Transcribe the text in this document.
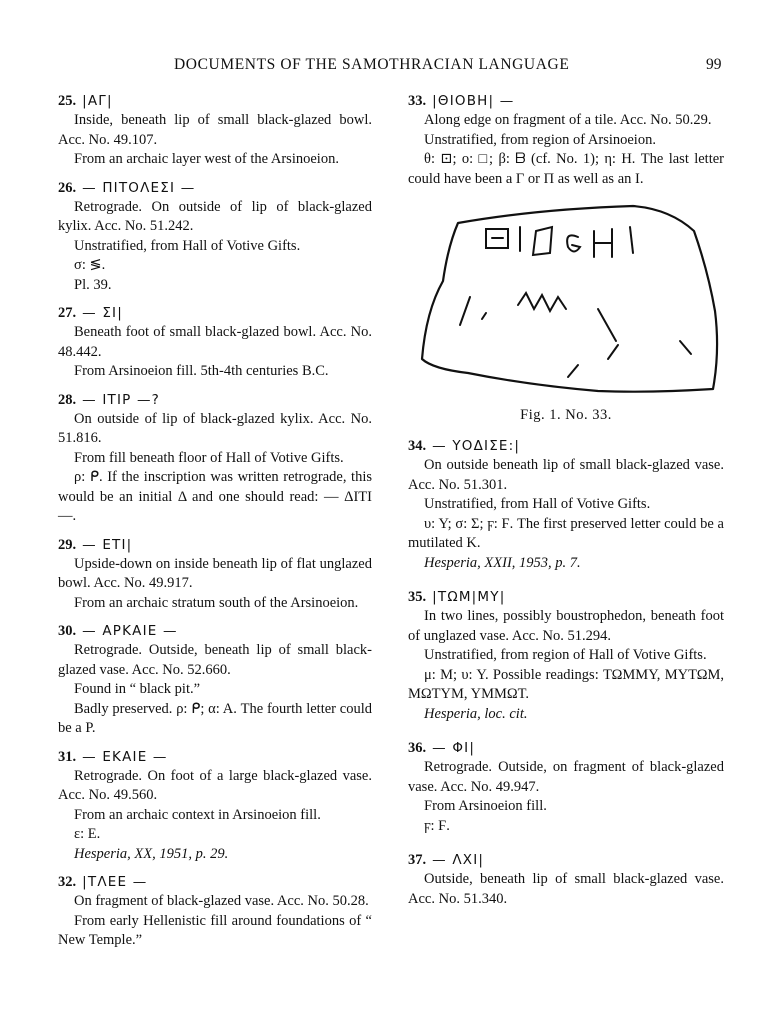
DOCUMENTS OF THE SAMOTHRACIAN LANGUAGE	99
25. |ΑΓ|

Inside, beneath lip of small black-glazed bowl. Acc. No. 49.107.

From an archaic layer west of the Arsinoeion.

26. — ΠΙΤΟΛΕΣΙ —

Retrograde. On outside of lip of black-glazed kylix. Acc. No. 51.242.

Unstratified, from Hall of Votive Gifts.

σ: ≶.

Pl. 39.

27. — ΣΙ|

Beneath foot of small black-glazed bowl. Acc. No. 48.442.

From Arsinoeion fill. 5th-4th centuries B.C.

28. — ΙΤΙΡ —?

On outside of lip of black-glazed kylix. Acc. No. 51.816.

From fill beneath floor of Hall of Votive Gifts.

ρ: ᑭ. If the inscription was written retrograde, this would be an initial Δ and one should read: — ΔΙΤΙ —.

29. — ΕΤΙ|

Upside-down on inside beneath lip of flat unglazed bowl. Acc. No. 49.917.

From an archaic stratum south of the Arsinoeion.

30. — ΑΡΚΑΙΕ —

Retrograde. Outside, beneath lip of small black-glazed vase. Acc. No. 52.660.

Found in “ black pit.”

Badly preserved. ρ: ᑭ; α: Α. The fourth letter could be a Ρ.

31. — ΕΚΑΙΕ —

Retrograde. On foot of a large black-glazed vase. Acc. No. 49.560.

From an archaic context in Arsinoeion fill.

ε: Ε.

Hesperia, XX, 1951, p. 29.

32. |ΤΛΕΕ —

On fragment of black-glazed vase. Acc. No. 50.28.

From early Hellenistic fill around foundations of “ New Temple.”

33. |ΘΙΟΒΗ| —

Along edge on fragment of a tile. Acc. No. 50.29.

Unstratified, from region of Arsinoeion.

θ: ⊡; ο: □; β: ᗷ (cf. No. 1); η: Η. The last letter could have been a Γ or Π as well as an Ι.

Fig. 1. No. 33.

34. — ΥΟΔΙΣΕ:|

On outside beneath lip of small black-glazed vase. Acc. No. 51.301.

Unstratified, from Hall of Votive Gifts.

υ: Υ; σ: Σ; ϝ: Ϝ. The first preserved letter could be a mutilated Κ.

Hesperia, XXII, 1953, p. 7.

35. |ΤΩΜ|ΜΥ|

In two lines, possibly boustrophedon, beneath foot of unglazed vase. Acc. No. 51.294.

Unstratified, from region of Hall of Votive Gifts.

μ: Μ; υ: Υ. Possible readings: ΤΩΜΜΥ, ΜΥΤΩΜ, ΜΩΤΥΜ, ΥΜΜΩΤ.

Hesperia, loc. cit.

36. — ΦΙ|

Retrograde. Outside, on fragment of black-glazed vase. Acc. No. 49.947.

From Arsinoeion fill.

ϝ: Ϝ.

37. — ΛΧΙ|

Outside, beneath lip of small black-glazed vase. Acc. No. 51.340.
